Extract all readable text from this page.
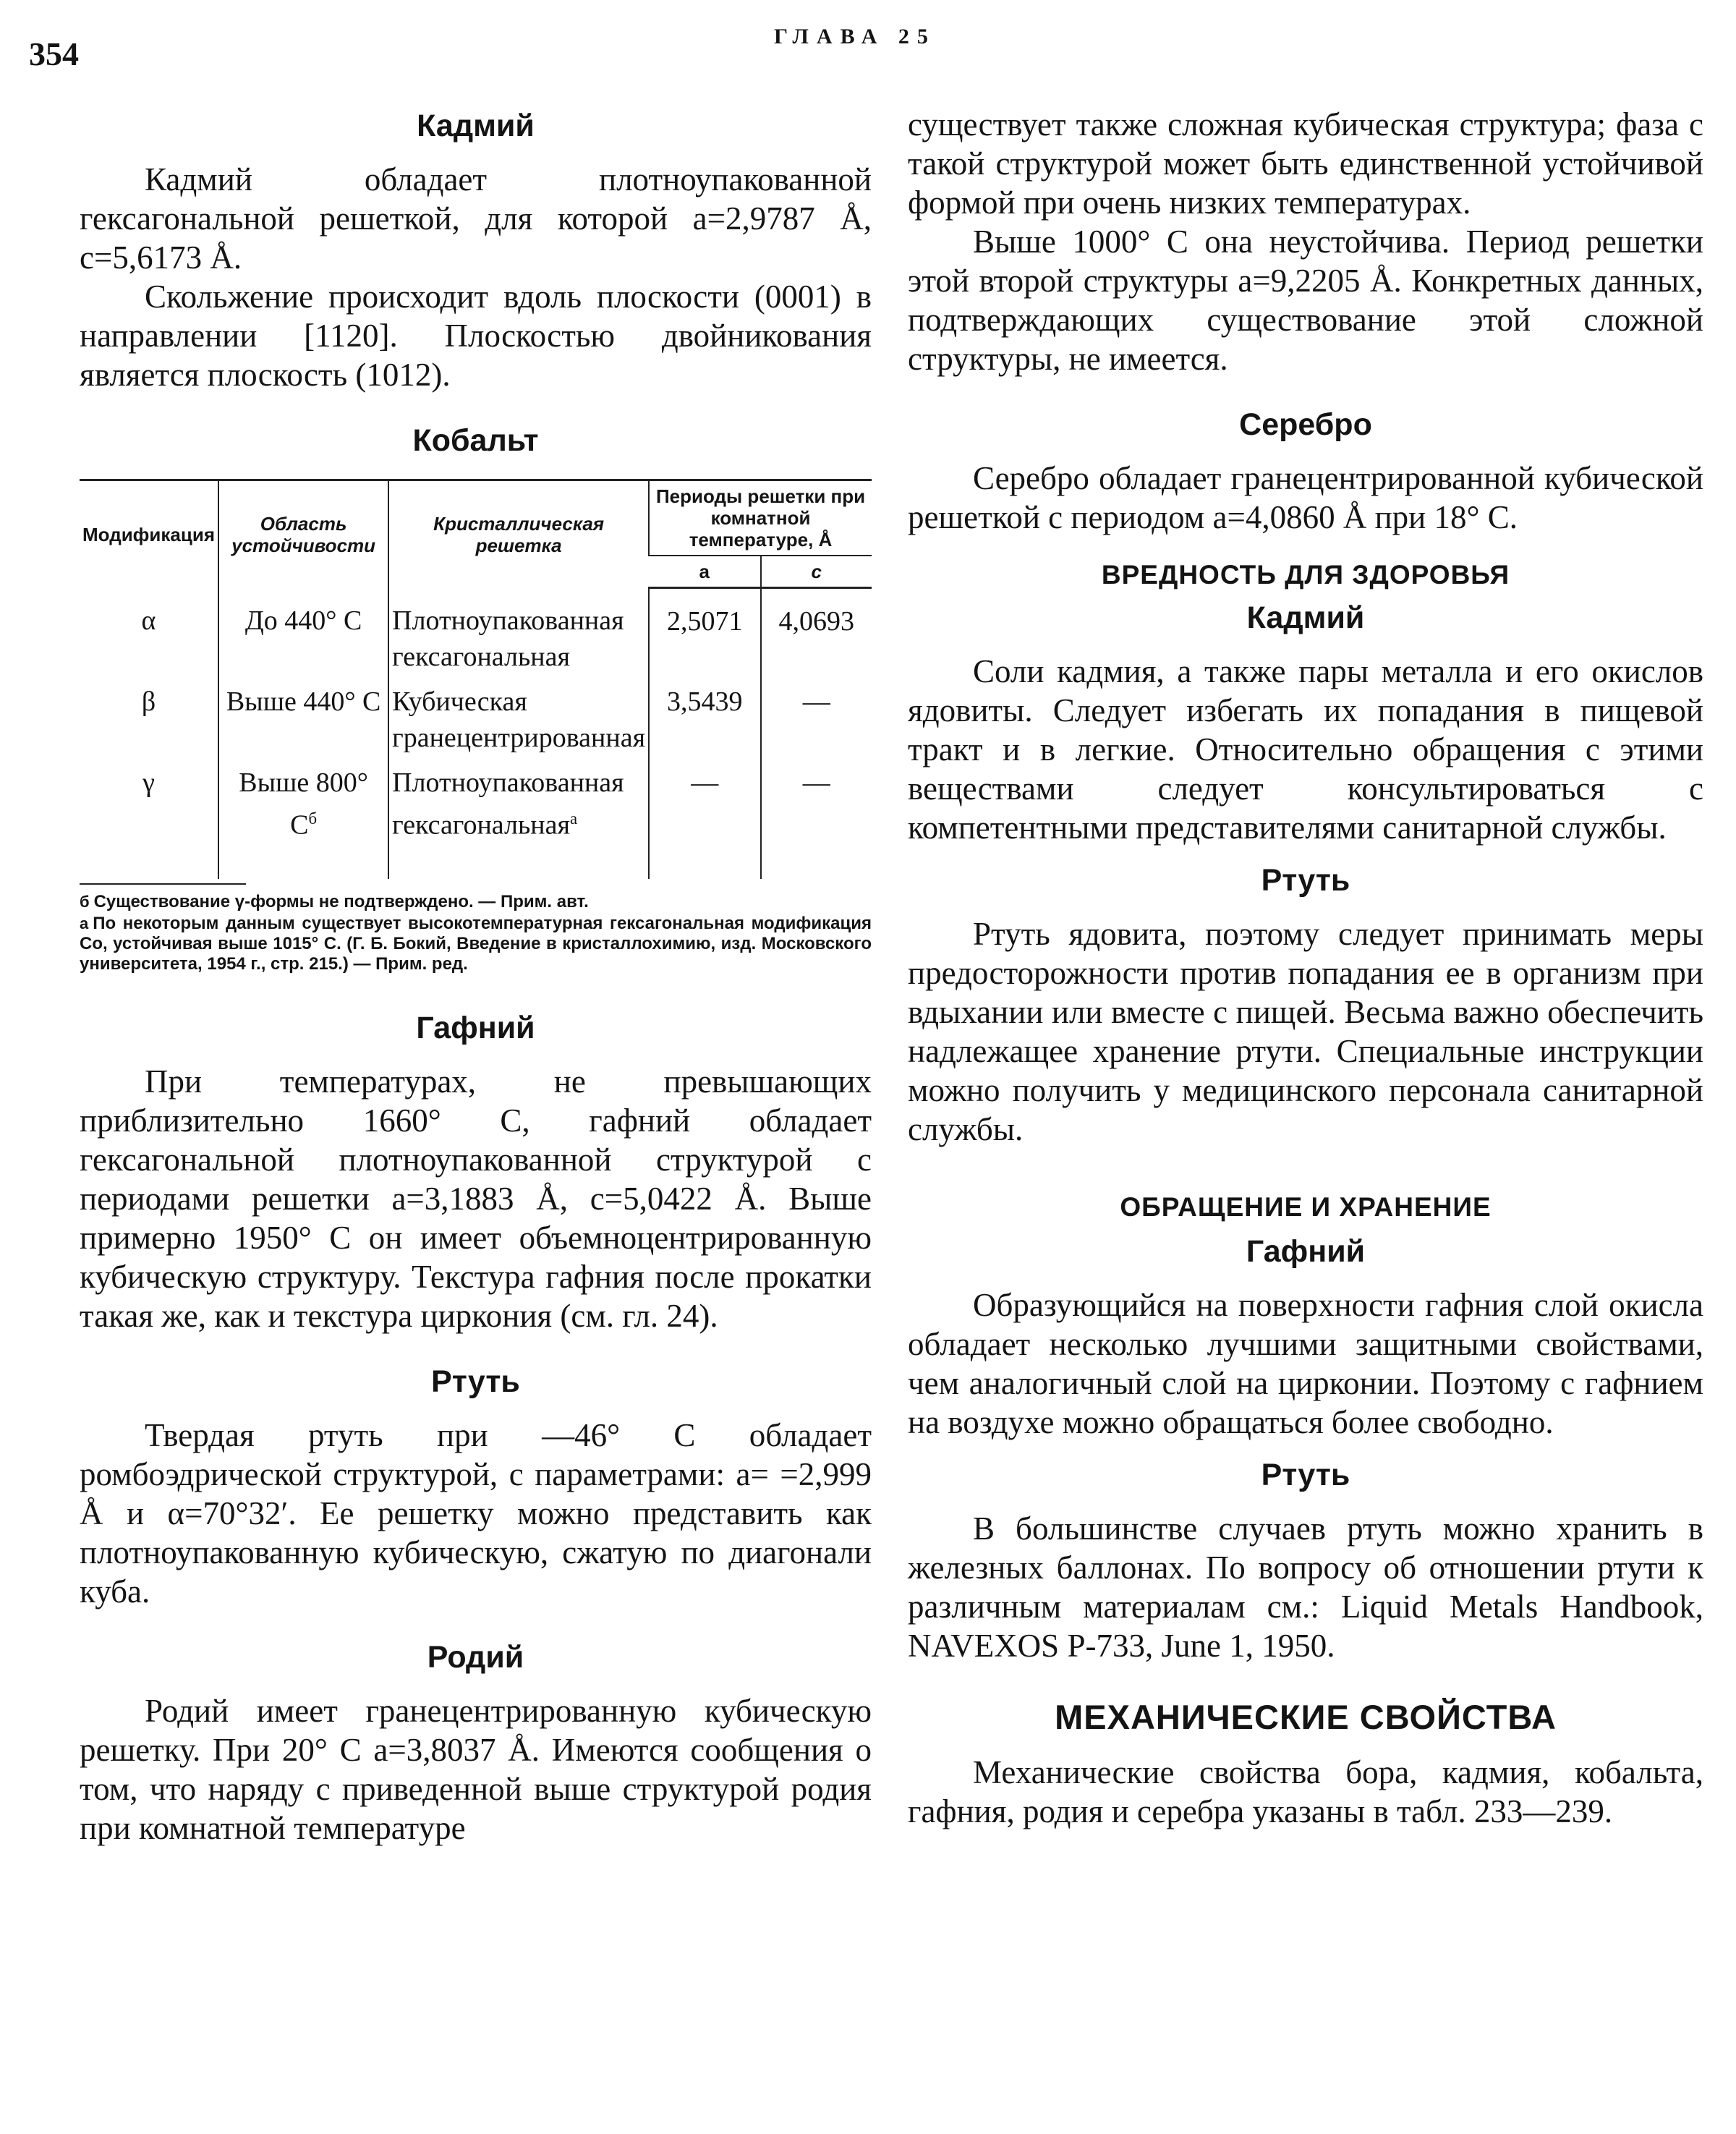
354	ГЛАВА 25
Кадмий

Кадмий обладает плотноупакованной гексагональной решеткой, для которой a=2,9787 Å, c=5,6173 Å.

Скольжение происходит вдоль плоскости (0001) в направлении [1120]. Плоскостью двойникования является плоскость (1012).

Кобальт
Модификация	Область устойчивости	Кристаллическая решетка	Периоды решетки при комнатной температуре, Å	
			a	c
α	До 440° С	Плотноупакованная гексагональная	2,5071	4,0693
β	Выше 440° С	Кубическая гранецентрированная	3,5439	—
γ	Выше 800° $С^б$	Плотноупакованная гексагональная$^а$	—	—
б Существование γ-формы не подтверждено. — Прим. авт.
а По некоторым данным существует высокотемпературная гексагональная модификация Co, устойчивая выше 1015° С. (Г. Б. Бокий, Введение в кристаллохимию, изд. Московского университета, 1954 г., стр. 215.) — Прим. ред.
Гафний

При температурах, не превышающих приблизительно 1660° С, гафний обладает гексагональной плотноупакованной структурой с периодами решетки a=3,1883 Å, c=5,0422 Å. Выше примерно 1950° С он имеет объемноцентрированную кубическую структуру. Текстура гафния после прокатки такая же, как и текстура циркония (см. гл. 24).

Ртуть

Твердая ртуть при —46° С обладает ромбоэдрической структурой, с параметрами: a= =2,999 Å и α=70°32′. Ее решетку можно представить как плотноупакованную кубическую, сжатую по диагонали куба.

Родий

Родий имеет гранецентрированную кубическую решетку. При 20° С a=3,8037 Å. Имеются сообщения о том, что наряду с приведенной выше структурой родия при комнатной температуре

существует также сложная кубическая структура; фаза с такой структурой может быть единственной устойчивой формой при очень низких температурах.

Выше 1000° С она неустойчива. Период решетки этой второй структуры a=9,2205 Å. Конкретных данных, подтверждающих существование этой сложной структуры, не имеется.

Серебро

Серебро обладает гранецентрированной кубической решеткой с периодом a=4,0860 Å при 18° С.

ВРЕДНОСТЬ ДЛЯ ЗДОРОВЬЯ
Кадмий

Соли кадмия, а также пары металла и его окислов ядовиты. Следует избегать их попадания в пищевой тракт и в легкие. Относительно обращения с этими веществами следует консультироваться с компетентными представителями санитарной службы.

Ртуть

Ртуть ядовита, поэтому следует принимать меры предосторожности против попадания ее в организм при вдыхании или вместе с пищей. Весьма важно обеспечить надлежащее хранение ртути. Специальные инструкции можно получить у медицинского персонала санитарной службы.

ОБРАЩЕНИЕ И ХРАНЕНИЕ
Гафний

Образующийся на поверхности гафния слой окисла обладает несколько лучшими защитными свойствами, чем аналогичный слой на цирконии. Поэтому с гафнием на воздухе можно обращаться более свободно.

Ртуть

В большинстве случаев ртуть можно хранить в железных баллонах. По вопросу об отношении ртути к различным материалам см.: Liquid Metals Handbook, NAVEXOS P-733, June 1, 1950.

МЕХАНИЧЕСКИЕ СВОЙСТВА

Механические свойства бора, кадмия, кобальта, гафния, родия и серебра указаны в табл. 233—239.
